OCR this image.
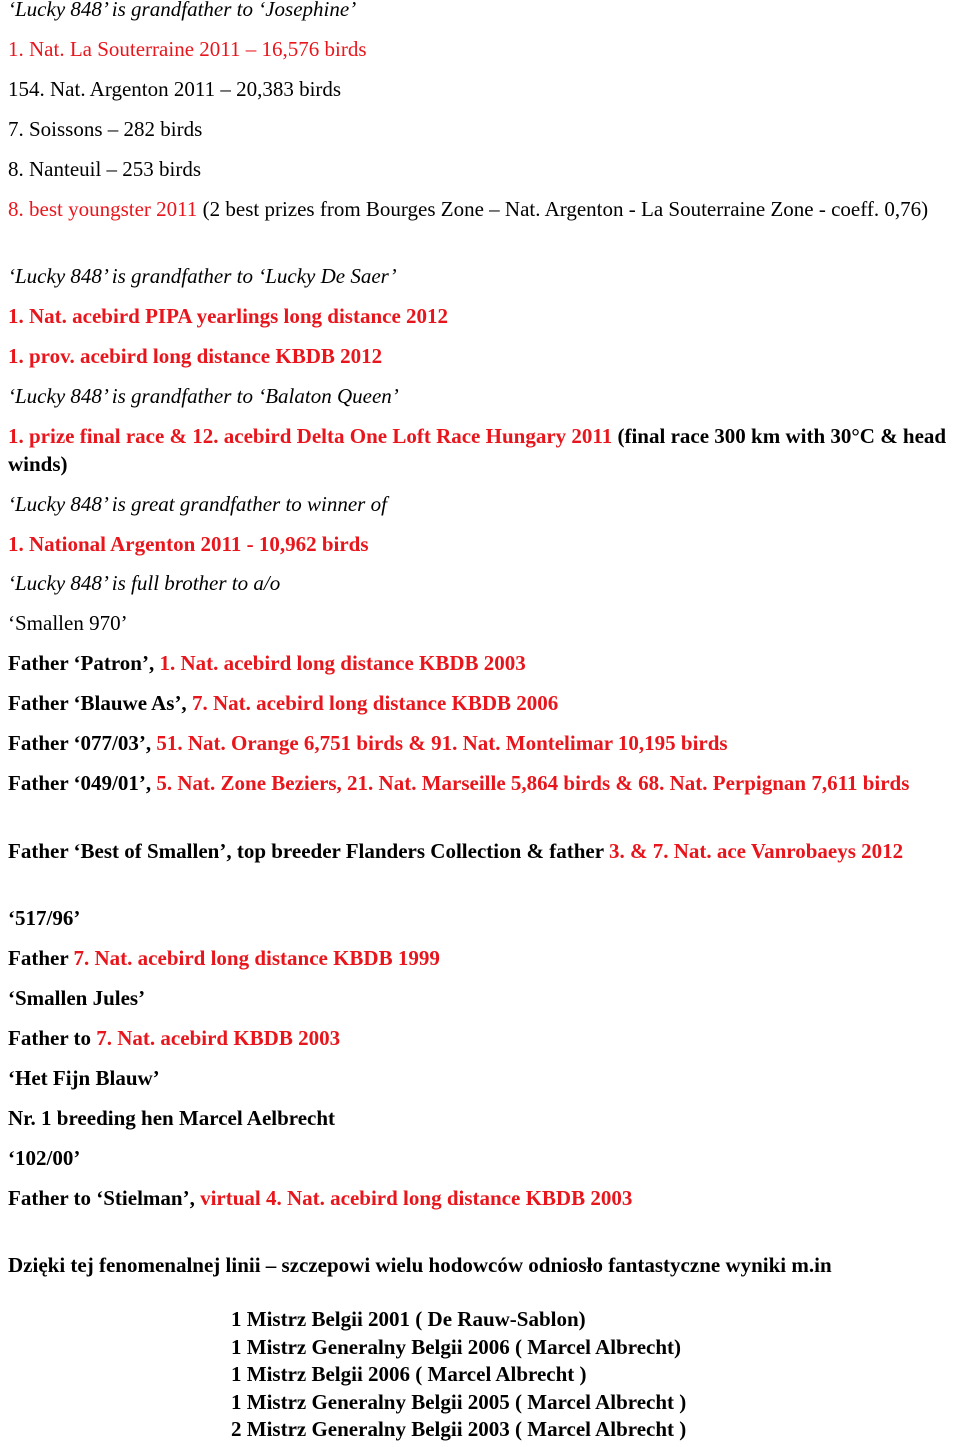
‘Lucky 848’ is grandfather to ‘Josephine’
1. Nat. La Souterraine 2011 – 16,576 birds
154. Nat. Argenton 2011 – 20,383 birds
7. Soissons – 282 birds
8. Nanteuil – 253 birds
8. best youngster 2011 (2 best prizes from Bourges Zone – Nat. Argenton - La Souterraine Zone - coeff. 0,76)
‘Lucky 848’ is grandfather to ‘Lucky De Saer’
1. Nat. acebird PIPA yearlings long distance 2012
1. prov. acebird long distance KBDB 2012
‘Lucky 848’ is grandfather to ‘Balaton Queen’
1. prize final race & 12. acebird Delta One Loft Race Hungary 2011 (final race 300 km with 30°C & head winds)
‘Lucky 848’ is great grandfather to winner of
1. National Argenton 2011 - 10,962 birds
‘Lucky 848’ is full brother to a/o
‘Smallen 970’
Father ‘Patron’, 1. Nat. acebird long distance KBDB 2003
Father ‘Blauwe As’, 7. Nat. acebird long distance KBDB 2006
Father ‘077/03’, 51. Nat. Orange 6,751 birds & 91. Nat. Montelimar 10,195 birds
Father ‘049/01’, 5. Nat. Zone Beziers, 21. Nat. Marseille 5,864 birds & 68. Nat. Perpignan 7,611 birds
Father ‘Best of Smallen’, top breeder Flanders Collection & father 3. & 7. Nat. ace Vanrobaeys 2012
‘517/96’
Father 7. Nat. acebird long distance KBDB 1999
‘Smallen Jules’
Father to 7. Nat. acebird KBDB 2003
‘Het Fijn Blauw’
Nr. 1 breeding hen Marcel Aelbrecht
‘102/00’
Father to ‘Stielman’, virtual 4. Nat. acebird long distance KBDB 2003
Dzięki tej fenomenalnej linii – szczepowi wielu hodowców odniosło fantastyczne wyniki m.in
1 Mistrz Belgii 2001 ( De Rauw-Sablon)
1 Mistrz Generalny Belgii 2006 ( Marcel Albrecht)
1 Mistrz Belgii 2006 ( Marcel Albrecht )
1 Mistrz Generalny Belgii 2005 ( Marcel Albrecht )
2 Mistrz Generalny Belgii 2003 ( Marcel Albrecht )
